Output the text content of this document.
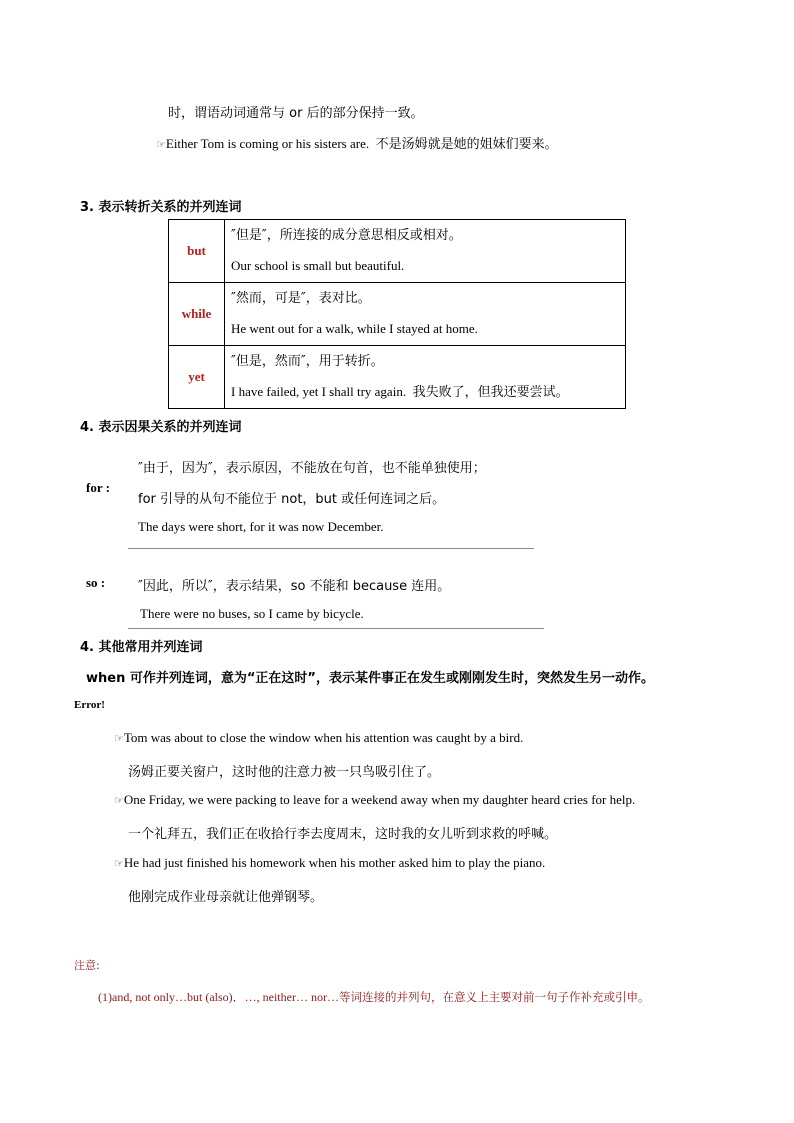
时，谓语动词通常与 or 后的部分保持一致。
☞Either Tom is coming or his sisters are. 不是汤姆就是她的姐妹们要来。
3. 表示转折关系的并列连词
but	″但是″，所连接的成分意思相反或相对。
Our school is small but beautiful.

while	″然而，可是″，表对比。
He went out for a walk, while I stayed at home.

yet	″但是，然而″，用于转折。
I have failed, yet I shall try again. 我失败了，但我还要尝试。
4. 表示因果关系的并列连词
for :
″由于，因为″，表示原因，不能放在句首，也不能单独使用；
for 引导的从句不能位于 not，but 或任何连词之后。
The days were short, for it was now December.
so :	″因此，所以″，表示结果，so 不能和 because 连用。
There were no buses, so I came by bicycle.
4. 其他常用并列连词
when 可作并列连词，意为“正在这时”，表示某件事正在发生或刚刚发生时，突然发生另一动作。
Error!
☞Tom was about to close the window when his attention was caught by a bird.
汤姆正要关窗户，这时他的注意力被一只鸟吸引住了。
☞One Friday, we were packing to leave for a weekend away when my daughter heard cries for help.
一个礼拜五，我们正在收拾行李去度周末，这时我的女儿听到求救的呼喊。
☞He had just finished his homework when his mother asked him to play the piano.
他刚完成作业母亲就让他弹钢琴。
注意:
(1)and, not only…but (also)．…, neither… nor…等词连接的并列句，在意义上主要对前一句子作补充或引申。
